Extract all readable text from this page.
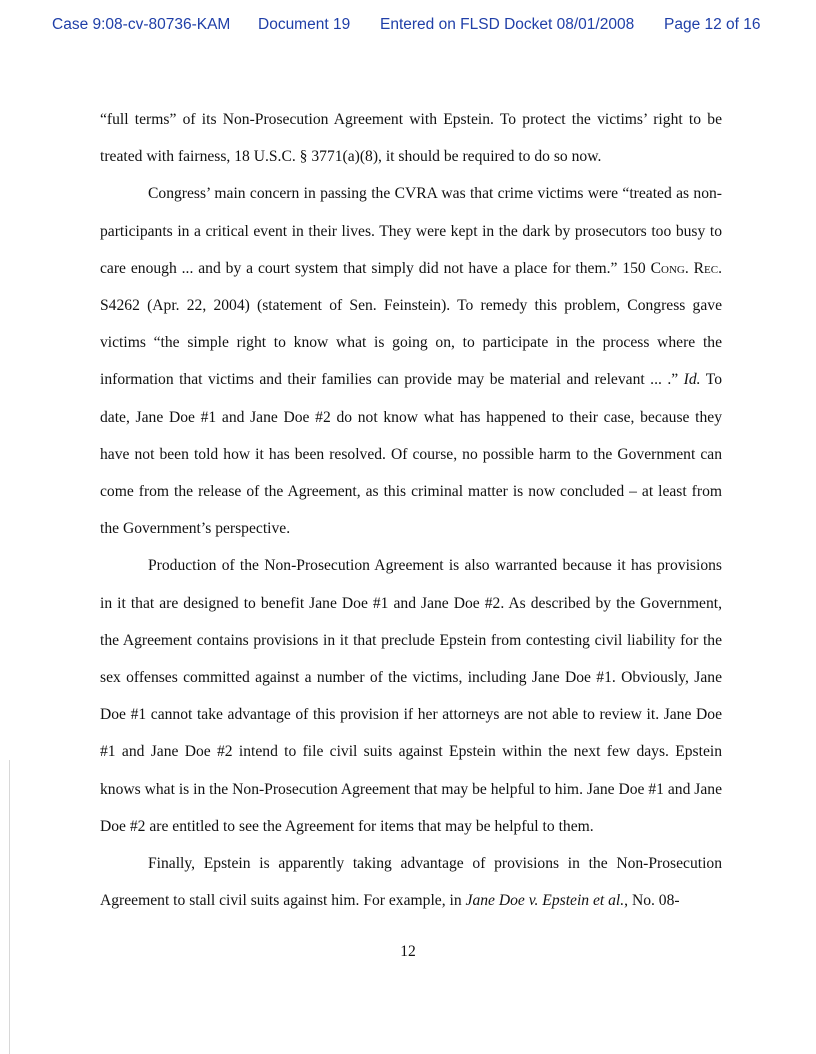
Case 9:08-cv-80736-KAM Document 19 Entered on FLSD Docket 08/01/2008 Page 12 of 16

“full terms” of its Non-Prosecution Agreement with Epstein. To protect the victims’ right to be treated with fairness, 18 U.S.C. § 3771(a)(8), it should be required to do so now.

Congress’ main concern in passing the CVRA was that crime victims were “treated as non-participants in a critical event in their lives. They were kept in the dark by prosecutors too busy to care enough ... and by a court system that simply did not have a place for them.” 150 Cong. Rec. S4262 (Apr. 22, 2004) (statement of Sen. Feinstein). To remedy this problem, Congress gave victims “the simple right to know what is going on, to participate in the process where the information that victims and their families can provide may be material and relevant ... .” Id. To date, Jane Doe #1 and Jane Doe #2 do not know what has happened to their case, because they have not been told how it has been resolved. Of course, no possible harm to the Government can come from the release of the Agreement, as this criminal matter is now concluded – at least from the Government’s perspective.

Production of the Non-Prosecution Agreement is also warranted because it has provisions in it that are designed to benefit Jane Doe #1 and Jane Doe #2. As described by the Government, the Agreement contains provisions in it that preclude Epstein from contesting civil liability for the sex offenses committed against a number of the victims, including Jane Doe #1. Obviously, Jane Doe #1 cannot take advantage of this provision if her attorneys are not able to review it. Jane Doe #1 and Jane Doe #2 intend to file civil suits against Epstein within the next few days. Epstein knows what is in the Non-Prosecution Agreement that may be helpful to him. Jane Doe #1 and Jane Doe #2 are entitled to see the Agreement for items that may be helpful to them.

Finally, Epstein is apparently taking advantage of provisions in the Non-Prosecution Agreement to stall civil suits against him. For example, in Jane Doe v. Epstein et al., No. 08-

12
